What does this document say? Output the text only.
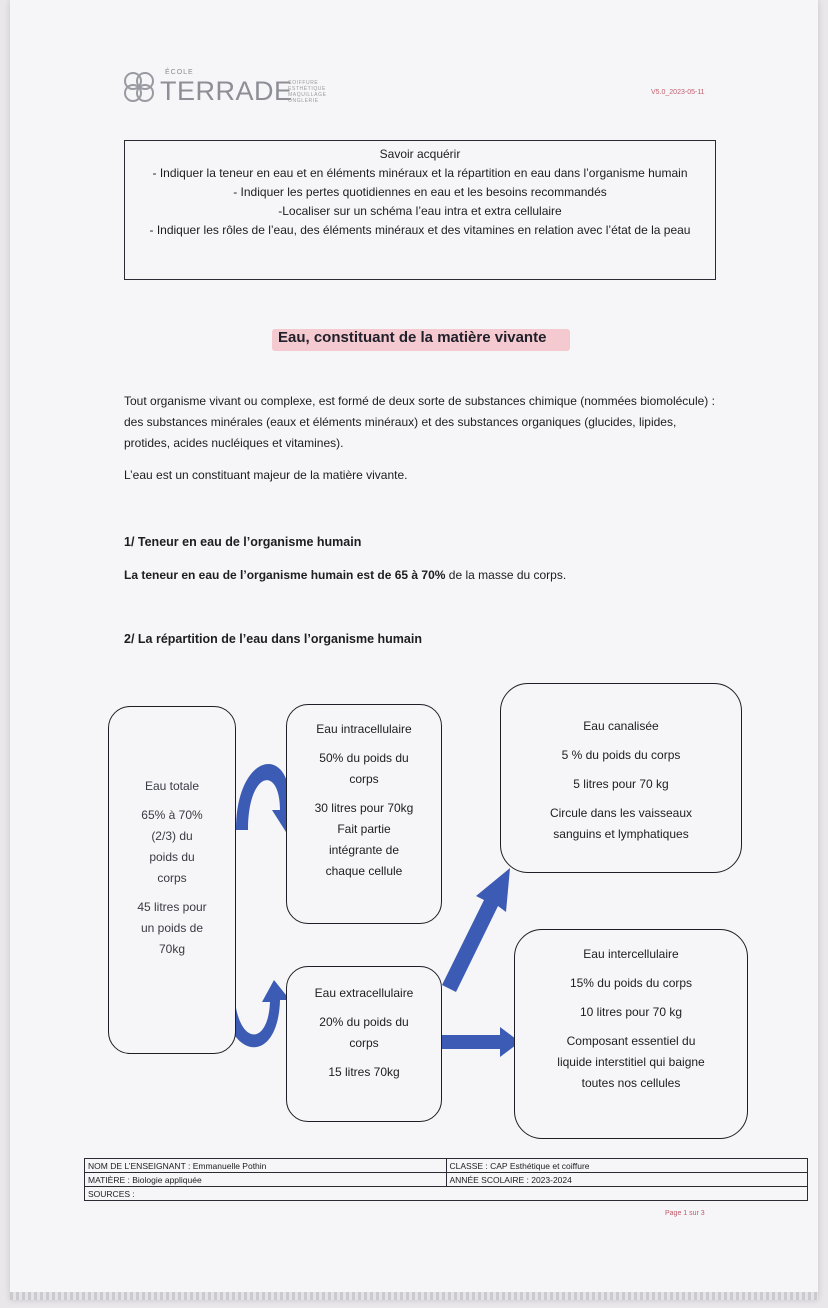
ÉCOLE
TERRADE
COIFFURE ESTHÉTIQUE MAQUILLAGE ONGLERIE
V5.0_2023-05-11
Savoir acquérir
- Indiquer la teneur en eau et en éléments minéraux et la répartition en eau dans l’organisme humain
- Indiquer les pertes quotidiennes en eau et les besoins recommandés
-Localiser sur un schéma l’eau intra et extra cellulaire
- Indiquer les rôles de l’eau, des éléments minéraux et des vitamines en relation avec l’état de la peau
Eau, constituant de la matière vivante
Tout organisme vivant ou complexe, est formé de deux sorte de substances chimique (nommées biomolécule) : des substances minérales (eaux et éléments minéraux) et des substances organiques (glucides, lipides, protides, acides nucléiques et vitamines).
L’eau est un constituant majeur de la matière vivante.
1/ Teneur en eau de l’organisme humain
La teneur en eau de l’organisme humain est de 65 à 70% de la masse du corps.
2/ La répartition de l’eau dans l’organisme humain
Eau totale
65% à 70%
(2/3) du
poids du
corps
45 litres pour
un poids de
70kg
Eau intracellulaire
50% du poids du
corps
30 litres pour 70kg
Fait partie
intégrante de
chaque cellule
Eau extracellulaire
20% du poids du
corps
15 litres 70kg
Eau canalisée
5 % du poids du corps
5 litres pour 70 kg
Circule dans les vaisseaux
sanguins et lymphatiques
Eau intercellulaire
15% du poids du corps
10 litres pour 70 kg
Composant essentiel du
liquide interstitiel qui baigne
toutes nos cellules
NOM DE L’ENSEIGNANT : Emmanuelle Pothin	CLASSE : CAP Esthétique et coiffure
MATIÈRE : Biologie appliquée	ANNÉE SCOLAIRE : 2023-2024
SOURCES :	
Page 1 sur 3
